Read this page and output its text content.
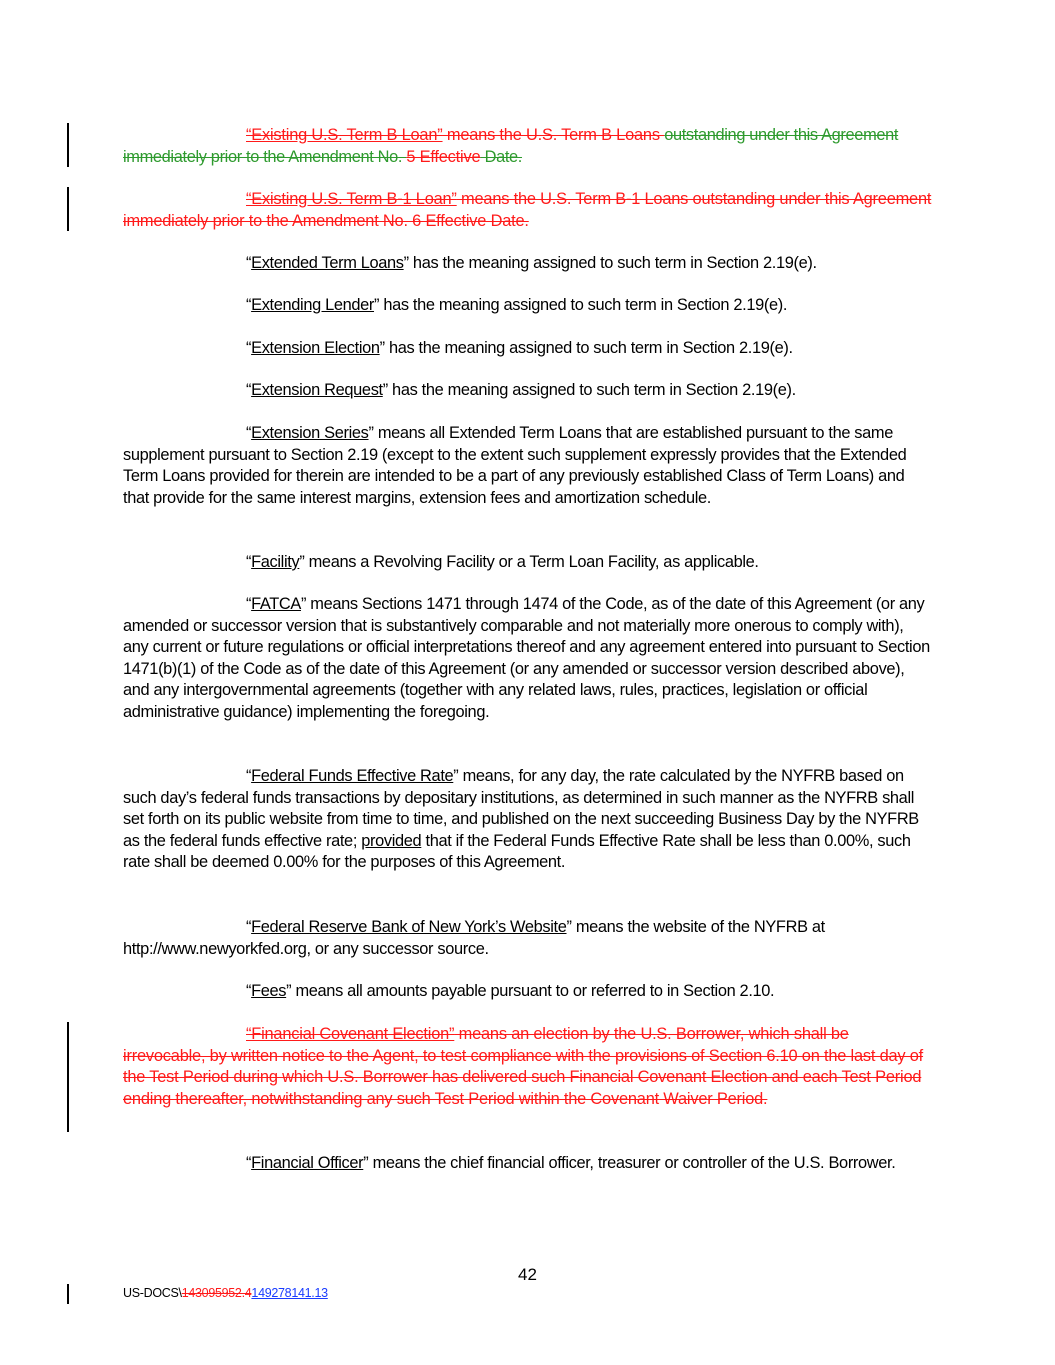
“Existing U.S. Term B Loan” means the U.S. Term B Loans outstanding under this Agreement immediately prior to the Amendment No. 5 Effective Date.

“Existing U.S. Term B-1 Loan” means the U.S. Term B-1 Loans outstanding under this Agreement immediately prior to the Amendment No. 6 Effective Date.

“Extended Term Loans” has the meaning assigned to such term in Section 2.19(e).

“Extending Lender” has the meaning assigned to such term in Section 2.19(e).

“Extension Election” has the meaning assigned to such term in Section 2.19(e).

“Extension Request” has the meaning assigned to such term in Section 2.19(e).

“Extension Series” means all Extended Term Loans that are established pursuant to the same supplement pursuant to Section 2.19 (except to the extent such supplement expressly provides that the Extended Term Loans provided for therein are intended to be a part of any previously established Class of Term Loans) and that provide for the same interest margins, extension fees and amortization schedule.

“Facility” means a Revolving Facility or a Term Loan Facility, as applicable.

“FATCA” means Sections 1471 through 1474 of the Code, as of the date of this Agreement (or any amended or successor version that is substantively comparable and not materially more onerous to comply with), any current or future regulations or official interpretations thereof and any agreement entered into pursuant to Section 1471(b)(1) of the Code as of the date of this Agreement (or any amended or successor version described above), and any intergovernmental agreements (together with any related laws, rules, practices, legislation or official administrative guidance) implementing the foregoing.

“Federal Funds Effective Rate” means, for any day, the rate calculated by the NYFRB based on such day’s federal funds transactions by depositary institutions, as determined in such manner as the NYFRB shall set forth on its public website from time to time, and published on the next succeeding Business Day by the NYFRB as the federal funds effective rate; provided that if the Federal Funds Effective Rate shall be less than 0.00%, such rate shall be deemed 0.00% for the purposes of this Agreement.

“Federal Reserve Bank of New York’s Website” means the website of the NYFRB at http://www.newyorkfed.org, or any successor source.

“Fees” means all amounts payable pursuant to or referred to in Section 2.10.

“Financial Covenant Election” means an election by the U.S. Borrower, which shall be irrevocable, by written notice to the Agent, to test compliance with the provisions of Section 6.10 on the last day of the Test Period during which U.S. Borrower has delivered such Financial Covenant Election and each Test Period ending thereafter, notwithstanding any such Test Period within the Covenant Waiver Period.

“Financial Officer” means the chief financial officer, treasurer or controller of the U.S. Borrower.

42
US-DOCS\143095952.4149278141.13
